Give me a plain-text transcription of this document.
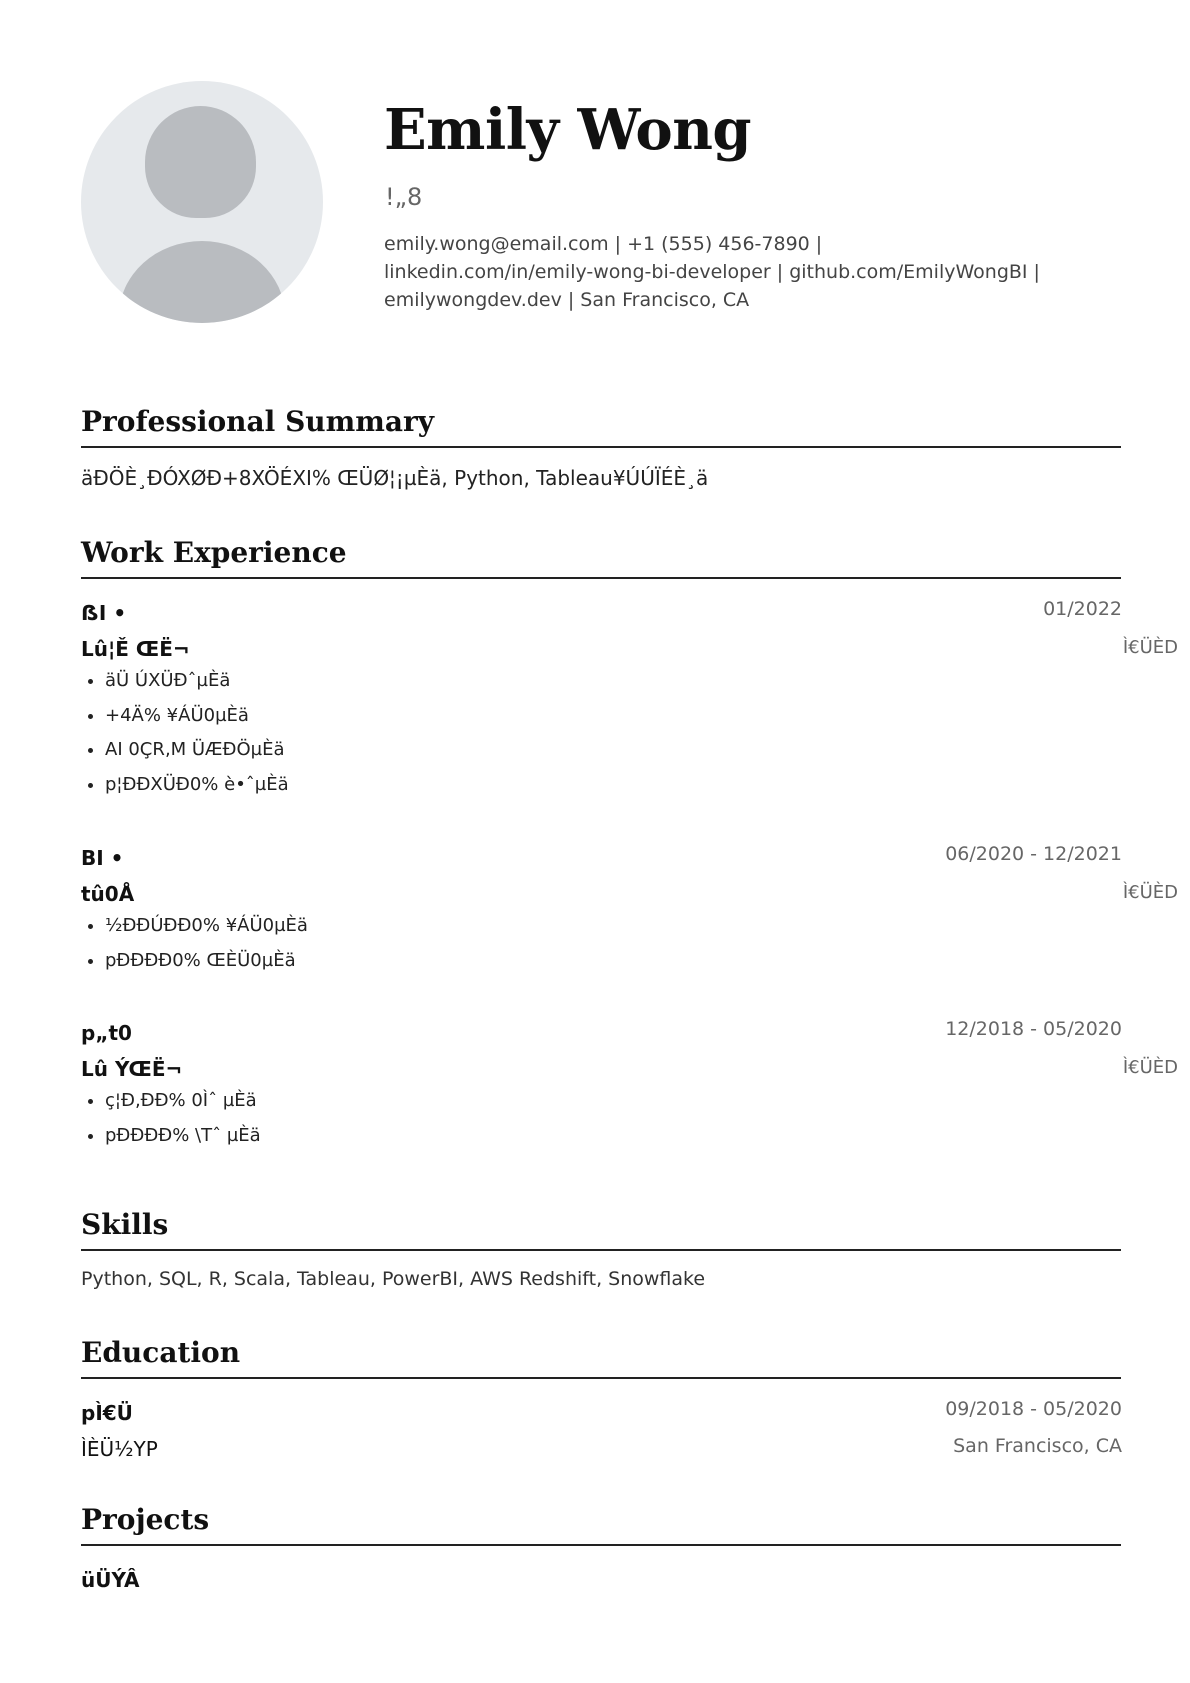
Emily Wong
!„8
emily.wong@email.com | +1 (555) 456-7890 |
linkedin.com/in/emily-wong-bi-developer | github.com/EmilyWongBI |
emilywongdev.dev | San Francisco, CA
Professional Summary
äÐÖÈ¸ÐÓXØÐ+8XÖÉXI% ŒÜØ¦¡µÈä, Python, Tableau¥ÚÚÏÉÈ¸ä
Work Experience
ẞI •	01/2022
Lû¦Ě ŒË¬	Ì€ÜÈD
• äÜ ÚXÜÐˆµÈä
• +4Ä% ¥ÁÜ0µÈä
• AI 0ÇR‚M ÜÆÐÖµÈä
• p¦ÐÐXÜÐ0% è•ˆµÈä
BI •	06/2020 - 12/2021
tû0Å	Ì€ÜÈD
• ½ÐÐÚÐÐ0% ¥ÁÜ0µÈä
• pÐÐÐÐ0% ŒÈÜ0µÈä
p„t0	12/2018 - 05/2020
Lû ÝŒË¬	Ì€ÜÈD
• ç¦Ð‚ÐÐ% 0Ìˆ µÈä
• pÐÐÐÐ% \Tˆ µÈä
Skills
Python, SQL, R, Scala, Tableau, PowerBI, AWS Redshift, Snowflake
Education
pÌ€Ü	09/2018 - 05/2020
ÌÈÜ½YP	San Francisco, CA
Projects
üÜÝÂ
